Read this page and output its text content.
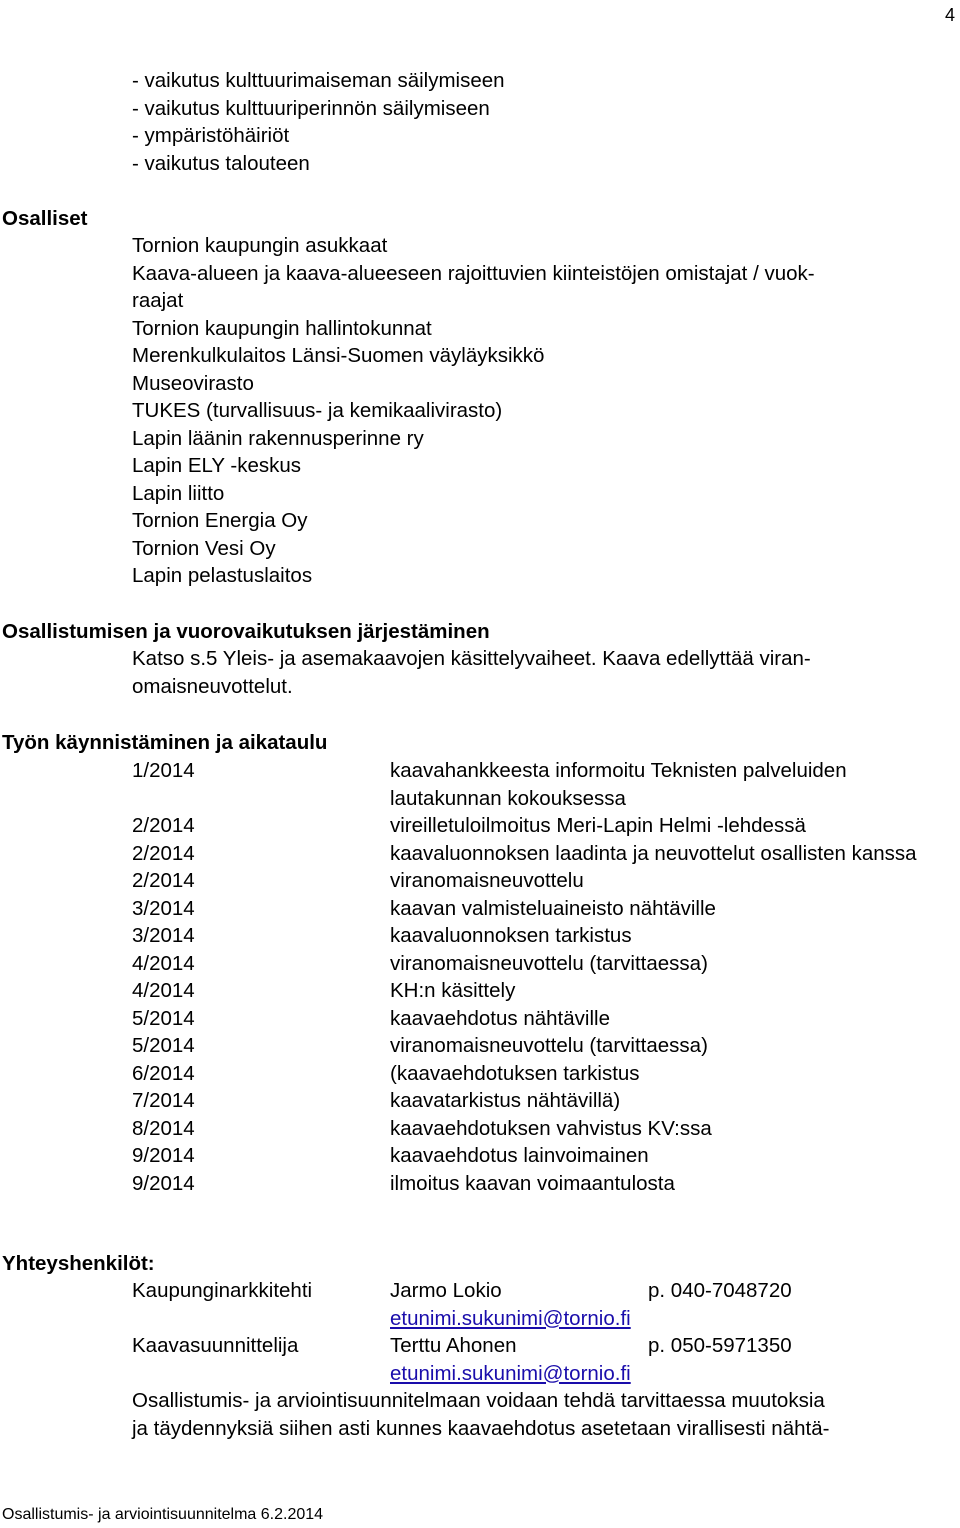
4
- vaikutus kulttuurimaiseman säilymiseen
- vaikutus kulttuuriperinnön säilymiseen
- ympäristöhäiriöt
- vaikutus talouteen
Osalliset
Tornion kaupungin asukkaat
Kaava-alueen ja kaava-alueeseen rajoittuvien kiinteistöjen omistajat / vuok-
raajat
Tornion kaupungin hallintokunnat
Merenkulkulaitos Länsi-Suomen väyläyksikkö
Museovirasto
TUKES (turvallisuus- ja kemikaalivirasto)
Lapin läänin rakennusperinne ry
Lapin ELY -keskus
Lapin liitto
Tornion Energia Oy
Tornion Vesi Oy
Lapin pelastuslaitos
Osallistumisen ja vuorovaikutuksen järjestäminen
Katso s.5 Yleis- ja asemakaavojen käsittelyvaiheet. Kaava edellyttää viran-
omaisneuvottelut.
Työn käynnistäminen ja aikataulu
1/2014	kaavahankkeesta informoitu Teknisten palveluiden lautakunnan kokouksessa
2/2014	vireilletuloilmoitus Meri-Lapin Helmi -lehdessä
2/2014	kaavaluonnoksen laadinta ja neuvottelut osallisten kanssa
2/2014	viranomaisneuvottelu
3/2014	kaavan valmisteluaineisto nähtäville
3/2014	kaavaluonnoksen tarkistus
4/2014	viranomaisneuvottelu (tarvittaessa)
4/2014	KH:n käsittely
5/2014	kaavaehdotus nähtäville
5/2014	viranomaisneuvottelu (tarvittaessa)
6/2014	(kaavaehdotuksen tarkistus
7/2014	kaavatarkistus nähtävillä)
8/2014	kaavaehdotuksen vahvistus KV:ssa
9/2014	kaavaehdotus lainvoimainen
9/2014	ilmoitus kaavan voimaantulosta
Yhteyshenkilöt:
Kaupunginarkkitehti	Jarmo Lokio	p. 040-7048720
etunimi.sukunimi@tornio.fi
Kaavasuunnittelija	Terttu Ahonen	p. 050-5971350
etunimi.sukunimi@tornio.fi
Osallistumis- ja arviointisuunnitelmaan voidaan tehdä tarvittaessa muutoksia
ja täydennyksiä siihen asti kunnes kaavaehdotus asetetaan virallisesti nähtä-
Osallistumis- ja arviointisuunnitelma 6.2.2014
